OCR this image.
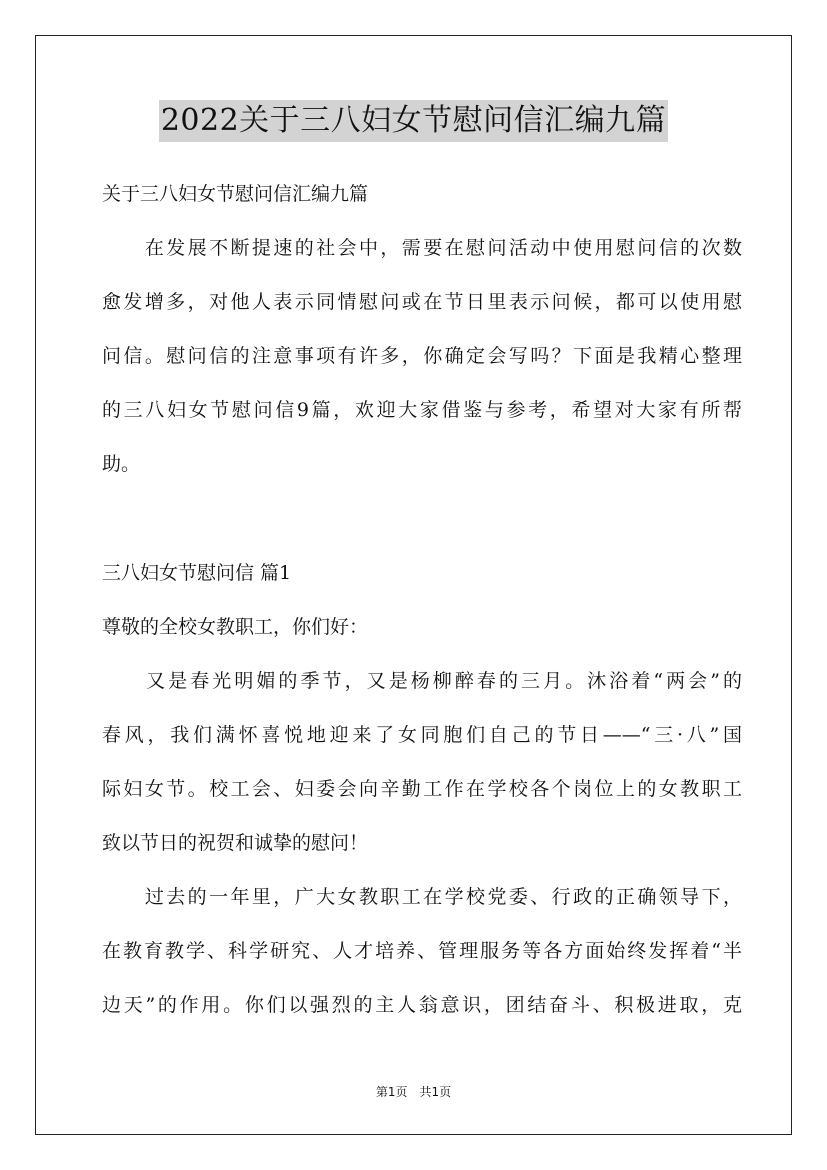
2022关于三八妇女节慰问信汇编九篇
关于三八妇女节慰问信汇编九篇
　　在发展不断提速的社会中，需要在慰问活动中使用慰问信的次数
愈发增多，对他人表示同情慰问或在节日里表示问候，都可以使用慰
问信。慰问信的注意事项有许多，你确定会写吗？下面是我精心整理
的三八妇女节慰问信9篇，欢迎大家借鉴与参考，希望对大家有所帮
助。
三八妇女节慰问信 篇1
尊敬的全校女教职工，你们好：
　　又是春光明媚的季节，又是杨柳醉春的三月。沐浴着“两会”的
春风，我们满怀喜悦地迎来了女同胞们自己的节日——“三·八”国
际妇女节。校工会、妇委会向辛勤工作在学校各个岗位上的女教职工
致以节日的祝贺和诚挚的慰问！
　　过去的一年里，广大女教职工在学校党委、行政的正确领导下，
在教育教学、科学研究、人才培养、管理服务等各方面始终发挥着“半
边天”的作用。你们以强烈的主人翁意识，团结奋斗、积极进取，克
第1页　共1页
